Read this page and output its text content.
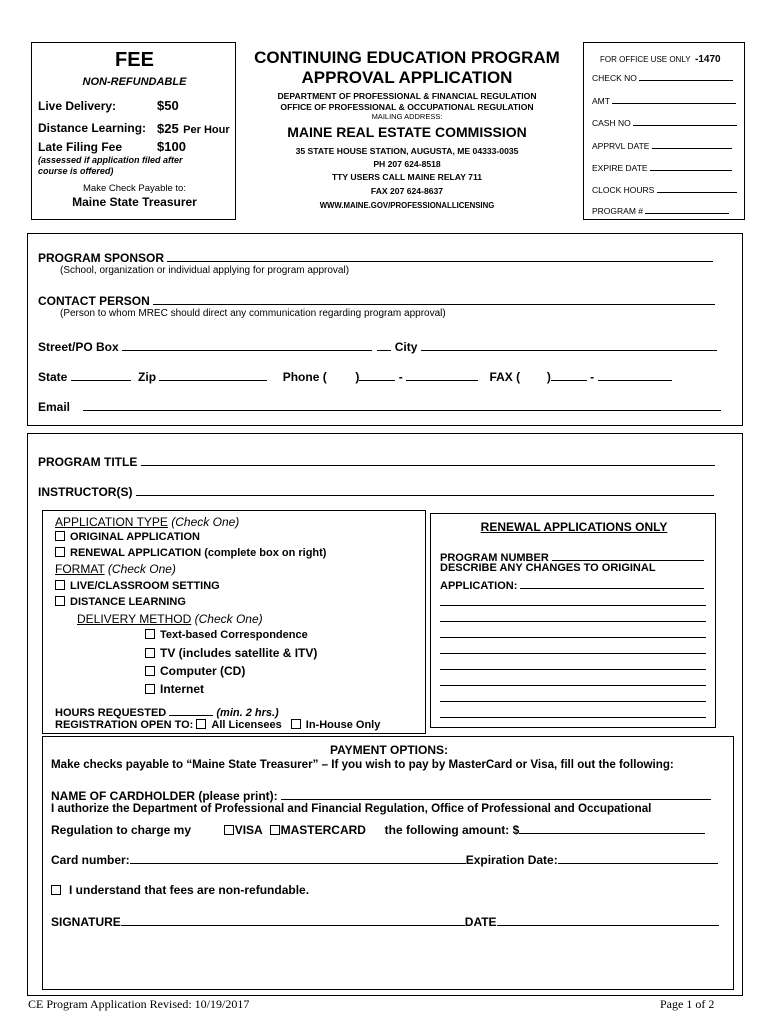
FEE
NON-REFUNDABLE
Live Delivery:	$50
Distance Learning: $25 Per Hour
Late Filing Fee	$100
(assessed if application filed after course is offered)
Make Check Payable to:
Maine State Treasurer
CONTINUING EDUCATION PROGRAM
APPROVAL APPLICATION
DEPARTMENT OF PROFESSIONAL & FINANCIAL REGULATION
OFFICE OF PROFESSIONAL & OCCUPATIONAL REGULATION
MAILING ADDRESS:
MAINE REAL ESTATE COMMISSION
35 STATE HOUSE STATION, AUGUSTA, ME 04333-0035
PH 207 624-8518
TTY USERS CALL MAINE RELAY 711
FAX 207 624-8637
WWW.MAINE.GOV/PROFESSIONALLICENSING
FOR OFFICE USE ONLY -1470
CHECK NO
AMT
CASH NO
APPRVL DATE
EXPIRE DATE
CLOCK HOURS
PROGRAM #
PROGRAM SPONSOR
(School, organization or individual applying for program approval)
CONTACT PERSON
(Person to whom MREC should direct any communication regarding program approval)
Street/PO Box	City
State	Zip	Phone ( )	-	FAX ( )	-
Email
PROGRAM TITLE
INSTRUCTOR(S)
APPLICATION TYPE (Check One)
ORIGINAL APPLICATION
RENEWAL APPLICATION (complete box on right)
FORMAT (Check One)
LIVE/CLASSROOM SETTING
DISTANCE LEARNING
DELIVERY METHOD (Check One)
Text-based Correspondence
TV (includes satellite & ITV)
Computer (CD)
Internet
HOURS REQUESTED	(min. 2 hrs.)
REGISTRATION OPEN TO: All Licensees In-House Only
RENEWAL APPLICATIONS ONLY
PROGRAM NUMBER
DESCRIBE ANY CHANGES TO ORIGINAL
APPLICATION:
PAYMENT OPTIONS:
Make checks payable to “Maine State Treasurer” – If you wish to pay by MasterCard or Visa, fill out the following:
NAME OF CARDHOLDER (please print):
I authorize the Department of Professional and Financial Regulation, Office of Professional and Occupational
Regulation to charge my	VISA MASTERCARD the following amount: $
Card number:	Expiration Date:
I understand that fees are non-refundable.
SIGNATURE	DATE
CE Program Application Revised: 10/19/2017	Page 1 of 2
